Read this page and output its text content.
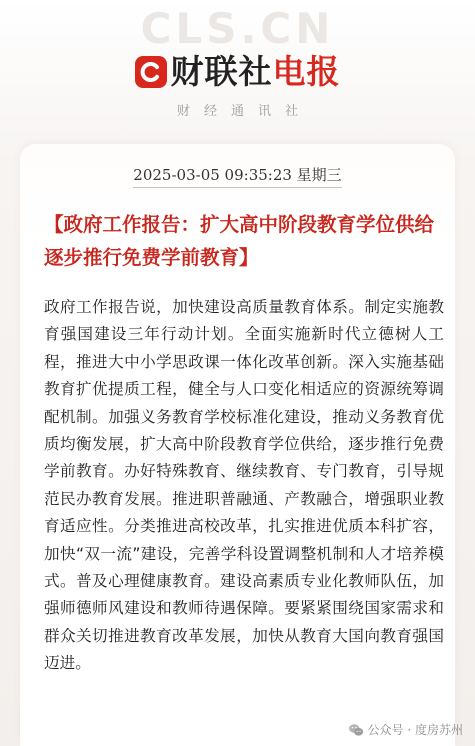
CLS.CN
财联社 电报
财经通讯社
2025-03-05 09:35:23 星期三
【政府工作报告：扩大高中阶段教育学位供给 逐步推行免费学前教育】
政府工作报告说，加快建设高质量教育体系。制定实施教育强国建设三年行动计划。全面实施新时代立德树人工程，推进大中小学思政课一体化改革创新。深入实施基础教育扩优提质工程，健全与人口变化相适应的资源统筹调配机制。加强义务教育学校标准化建设，推动义务教育优质均衡发展，扩大高中阶段教育学位供给，逐步推行免费学前教育。办好特殊教育、继续教育、专门教育，引导规范民办教育发展。推进职普融通、产教融合，增强职业教育适应性。分类推进高校改革，扎实推进优质本科扩容，加快“双一流”建设，完善学科设置调整机制和人才培养模式。普及心理健康教育。建设高素质专业化教师队伍，加强师德师风建设和教师待遇保障。要紧紧围绕国家需求和群众关切推进教育改革发展，加快从教育大国向教育强国迈进。
公众号 · 度房苏州
